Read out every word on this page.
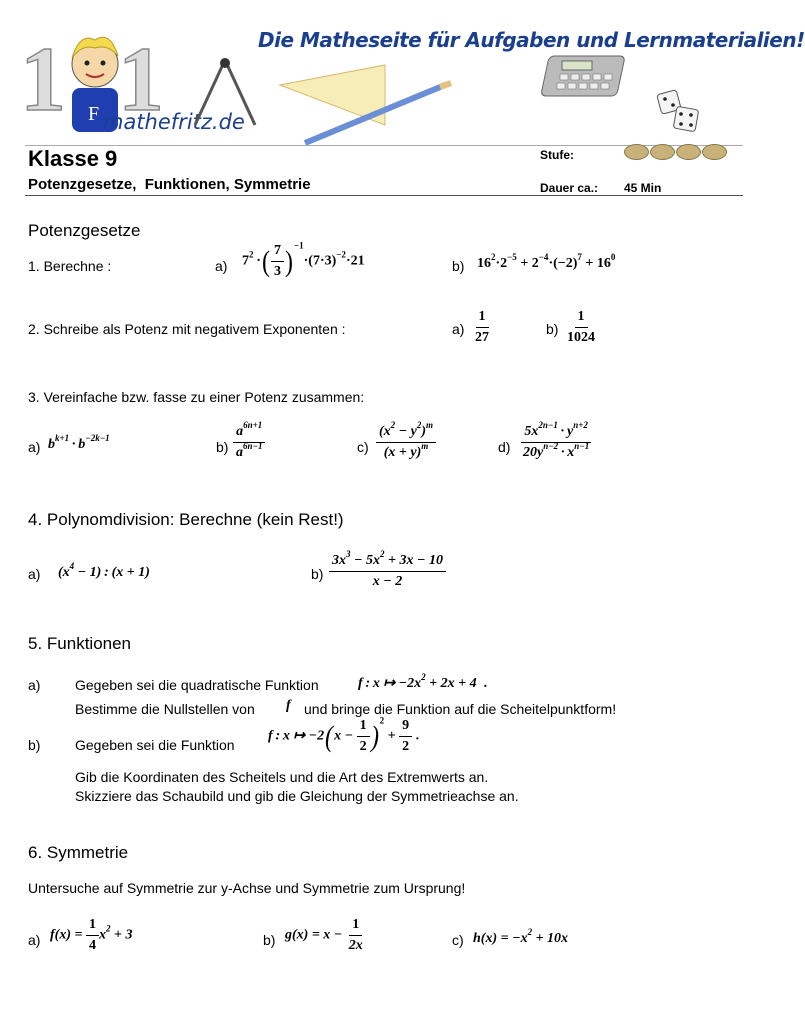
1 1
F mathefritz.de
Die Matheseite für Aufgaben und Lernmaterialien!
Klasse 9
Potenzgesetze,  Funktionen, Symmetrie
Stufe:
Dauer ca.: 45 Min
Potenzgesetze
1. Berechne :	a) $7^2$ ·( $\frac{7}{3} )^{-1}\cdot(7\cdot 3)^{-2}\cdot 21$	b) $16^2\cdot 2^{-5} + 2^{-4}\cdot(-2)^7 + 16^0$
2. Schreibe als Potenz mit negativem Exponenten :	$a) \frac{1}{27}$	$b) \frac{1}{1024}$
3. Vereinfache bzw. fasse zu einer Potenz zusammen:
a) $b^{k+1} \cdot b^{-2k-1}$
$b) \frac{a^{6n+1}}{a^{6n-1}}$	$c) \frac{(x^2 - y^2)^m}{(x + y)^m}$	$d) \frac{5x^{2n-1} \cdot y^{n+2}}{20y^{n-2} \cdot x^{n-1}}$
4. Polynomdivision: Berechne (kein Rest!)
a) $(x^4 - 1)$ : (x + 1)	$b) \frac{3x^3 - 5x^2 + 3x - 10}{x - 2}$
5. Funktionen
a) Gegeben sei die quadratische Funktion	f : x ↦ $-2x^2 + 2x + 4$  .
Bestimme die Nullstellen von f und bringe die Funktion auf die Scheitelpunktform!
b) Gegeben sei die Funktion
f : x ↦ $-2(x - \frac{1}{2} )^2 + \frac{9}{2}$ .
Gib die Koordinaten des Scheitels und die Art des Extremwerts an.
Skizziere das Schaubild und gib die Gleichung der Symmetrieachse an.
6. Symmetrie
Untersuche auf Symmetrie zur y-Achse und Symmetrie zum Ursprung!
a) $f(x) = \frac{1}{4} x^2 + 3$	b) $g(x) = x - \frac{1}{2x}$	c) $h(x) = -x^2 + 10x$
